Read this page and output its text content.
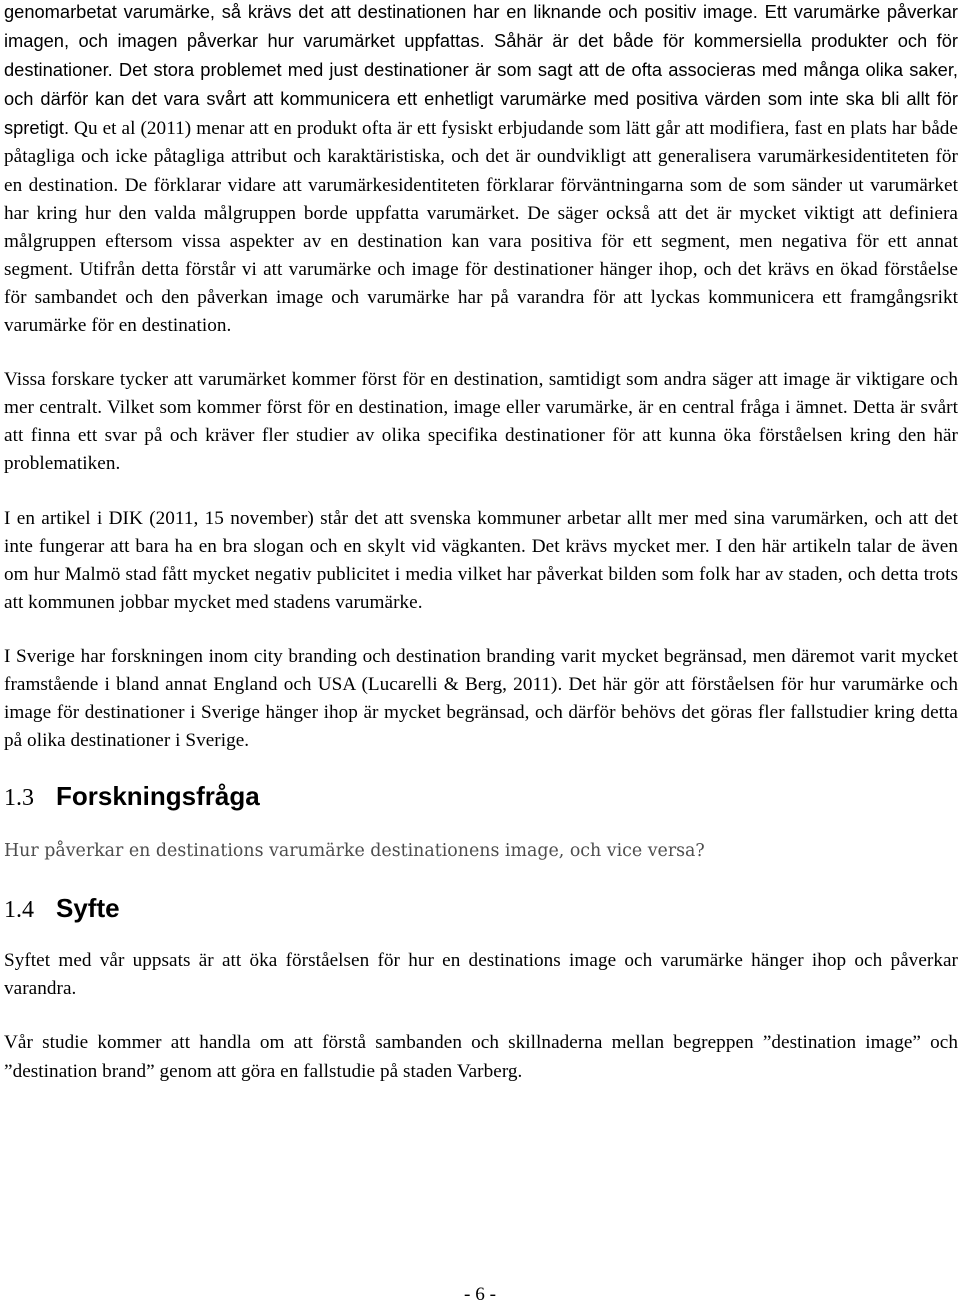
genomarbetat varumärke, så krävs det att destinationen har en liknande och positiv image. Ett varumärke påverkar imagen, och imagen påverkar hur varumärket uppfattas. Såhär är det både för kommersiella produkter och för destinationer. Det stora problemet med just destinationer är som sagt att de ofta associeras med många olika saker, och därför kan det vara svårt att kommunicera ett enhetligt varumärke med positiva värden som inte ska bli allt för spretigt. Qu et al (2011) menar att en produkt ofta är ett fysiskt erbjudande som lätt går att modifiera, fast en plats har både påtagliga och icke påtagliga attribut och karaktäristiska, och det är oundvikligt att generalisera varumärkesidentiteten för en destination. De förklarar vidare att varumärkesidentiteten förklarar förväntningarna som de som sänder ut varumärket har kring hur den valda målgruppen borde uppfatta varumärket. De säger också att det är mycket viktigt att definiera målgruppen eftersom vissa aspekter av en destination kan vara positiva för ett segment, men negativa för ett annat segment. Utifrån detta förstår vi att varumärke och image för destinationer hänger ihop, och det krävs en ökad förståelse för sambandet och den påverkan image och varumärke har på varandra för att lyckas kommunicera ett framgångsrikt varumärke för en destination.

Vissa forskare tycker att varumärket kommer först för en destination, samtidigt som andra säger att image är viktigare och mer centralt. Vilket som kommer först för en destination, image eller varumärke, är en central fråga i ämnet. Detta är svårt att finna ett svar på och kräver fler studier av olika specifika destinationer för att kunna öka förståelsen kring den här problematiken.

I en artikel i DIK (2011, 15 november) står det att svenska kommuner arbetar allt mer med sina varumärken, och att det inte fungerar att bara ha en bra slogan och en skylt vid vägkanten. Det krävs mycket mer. I den här artikeln talar de även om hur Malmö stad fått mycket negativ publicitet i media vilket har påverkat bilden som folk har av staden, och detta trots att kommunen jobbar mycket med stadens varumärke.

I Sverige har forskningen inom city branding och destination branding varit mycket begränsad, men däremot varit mycket framstående i bland annat England och USA (Lucarelli & Berg, 2011). Det här gör att förståelsen för hur varumärke och image för destinationer i Sverige hänger ihop är mycket begränsad, och därför behövs det göras fler fallstudier kring detta på olika destinationer i Sverige.

1.3 Forskningsfråga

Hur påverkar en destinations varumärke destinationens image, och vice versa?

1.4 Syfte

Syftet med vår uppsats är att öka förståelsen för hur en destinations image och varumärke hänger ihop och påverkar varandra.

Vår studie kommer att handla om att förstå sambanden och skillnaderna mellan begreppen ”destination image” och ”destination brand” genom att göra en fallstudie på staden Varberg.

- 6 -
